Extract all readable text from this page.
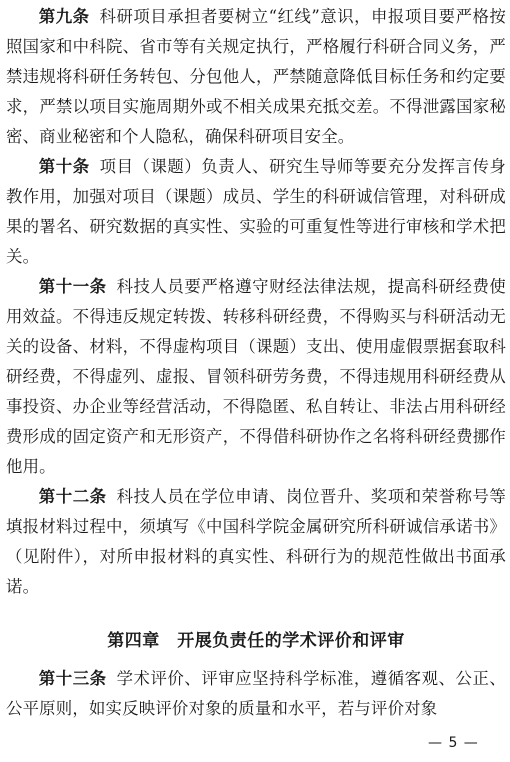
第九条 科研项目承担者要树立“红线”意识，申报项目要严格按照国家和中科院、省市等有关规定执行，严格履行科研合同义务，严禁违规将科研任务转包、分包他人，严禁随意降低目标任务和约定要求，严禁以项目实施周期外或不相关成果充抵交差。不得泄露国家秘密、商业秘密和个人隐私，确保科研项目安全。

第十条 项目（课题）负责人、研究生导师等要充分发挥言传身教作用，加强对项目（课题）成员、学生的科研诚信管理，对科研成果的署名、研究数据的真实性、实验的可重复性等进行审核和学术把关。

第十一条 科技人员要严格遵守财经法律法规，提高科研经费使用效益。不得违反规定转拨、转移科研经费，不得购买与科研活动无关的设备、材料，不得虚构项目（课题）支出、使用虚假票据套取科研经费，不得虚列、虚报、冒领科研劳务费，不得违规用科研经费从事投资、办企业等经营活动，不得隐匿、私自转让、非法占用科研经费形成的固定资产和无形资产，不得借科研协作之名将科研经费挪作他用。

第十二条 科技人员在学位申请、岗位晋升、奖项和荣誉称号等填报材料过程中，须填写《中国科学院金属研究所科研诚信承诺书》（见附件），对所申报材料的真实性、科研行为的规范性做出书面承诺。

第四章　开展负责任的学术评价和评审

第十三条 学术评价、评审应坚持科学标准，遵循客观、公正、公平原则，如实反映评价对象的质量和水平，若与评价对象

— 5 —
